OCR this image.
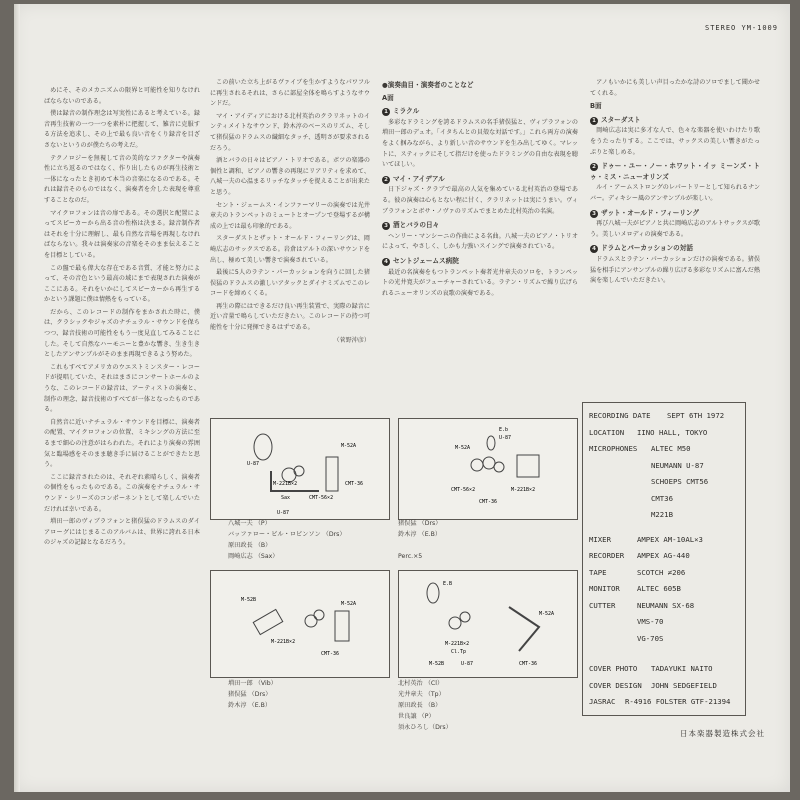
STEREO YM-1009

めにそ、そのメカニズムの限界と可能性を知りなければならないのである。

僕は録音の制作理念は写実性にあると考えている。録音再生技術の一つ一つを素朴に把握して、雑音に克服する方法を追求し、その上で最も良い音をくり録音を目ざさないというのが僕たちの考えだ。

テクノロジーを無視して音の美的なファクターや演奏性に立ち返るのではなく、作り出したものが再生技術と一体になったとき初めて本当の音楽になるのである。それは録音そのものではなく、演奏者を介した表現を尊重することなのだ。

マイクロフォンは音の扉である。その選択と配置によってスピーカーから出る音の性格は決まる。録音制作者はそれを十分に理解し、最も自然な音場を再現しなければならない。我々は演奏家の音楽をそのまま伝えることを目標としている。

この盤で最も偉大な存在である音質、才能と努力によって、その音色という最高の域にまで表現された演奏がここにある。それをいかにしてスピーカーから再生するかという課題に僕は情熱をもっている。

だから、このレコードの制作をまかされた時に、僕は、クラシックやジャズのナチュラル・サウンドを保ちつつ、録音技術の可能性をもう一度見直してみることにした。そして自然なハーモニーと豊かな響き、生き生きとしたアンサンブルがそのまま再現できるよう努めた。

これもすべてアメリカのウエストミンスター・レコードが提唱していた、それはまさにコンサートホールのような、このレコードの録音は、アーティストの演奏と、制作の理念、録音技術のすべてが一体となったものである。

自然音に近いナチュラル・サウンドを目標に、演奏者の配置、マイクロフォンの位置、ミキシングの方法に至るまで細心の注意がはらわれた。それにより演奏の雰囲気と臨場感をそのまま聴き手に届けることができたと思う。

ここに録音されたのは、それぞれ素晴らしく、演奏者の個性をもったものである。この演奏をナチュラル・サウンド・シリーズのコンポーネントとして楽しんでいただければ幸いである。

増田一郎のヴィブラフォンと猪俣猛のドラムスのダイアローグにはじまるこのアルバムは、世界に誇れる日本のジャズの記録となるだろう。

この前いた立ち上がるヴァイブを生かすようなパワフルに再生されるそれは、さらに部屋全体を鳴らすようなサウンドだ。

マイ・アイディアにおける北村英治のクラリネットのインティメイトなサウンド、鈴木淳のベースのリズム、そして猪俣猛のドラムスの繊細なタッチ、透明さが要求されるだろう。

酒とバラの日々はピアノ・トリオである。ボツの楽器の個性と調和、ピアノの響きの再現にリアリティを求めて、八城一夫の心温まるリッチなタッチを捉えることが出来たと思う。

セント・ジェームス・インファーマリーの演奏では光井章夫のトランペットのミュートとオープンで登場するが構成の上では最も印象的である。

スターダストとザット・オールド・フィーリングは、岡崎広志のサックスである。岩倉はアルトの深いサウンドを出し、極めて美しい響きで演奏されている。

最後に5人のラテン・パーカッションを向うに回した猪俣猛のドラムスの激しいアタックとダイナミズムでこのレコードを締めくくる。

再生の際にはできるだけ良い再生装置で、実際の録音に近い音量で鳴らしていただきたい。このレコードの持つ可能性を十分に発揮できるはずである。

（菅野沖彦）
●演奏曲目・演奏者のことなど
A面
1 ミラクル

多彩なドラミングを誇るドラムスの名手猪俣猛と、ヴィブラフォンの増田一郎のデュオ。「イタちんとの貝殻な対話です。」これら両方の演奏をよく掴みながら、より新しい音のサウンドを生み出してゆく。マレットに、スティックにそして指だけを使ったドラミングの自由な表現を聴いてほしい。

2 マイ・アイデアル

日下ジャズ・クラブで最高の人気を集めている北村英治の登場である。彼の演奏は心もとない程に甘く、クラリネットは実にうまい。ヴィブラフォンとボサ・ノヴァのリズムでまとめた北村英治の名演。

3 酒とバラの日々

ヘンリー・マンシーニの作曲による名曲。八城一夫のピアノ・トリオによって、やさしく、しかも力強いスイングで演奏されている。

4 セントジェームス病院

最近の名演奏をもつトランペット奏者光井章夫のソロを、トランペットの光井寛夫がフューチャーされている。ラテン・リズムで繰り広げられるニューオリンズの哀歌の演奏である。

アノもいかにも美しい声目ったかな詩のソロでまして聞かせてくれる。

B面
1 スターダスト

岡崎広志は実に多才な人で、色々な楽器を使いわけたり歌をうたったりする。ここでは、サックスの美しい響きがたっぷりと楽しめる。

2 ドゥー・ユー・ノー・ホワット・イッ ミーンズ・トゥ・ミス・ニューオリンズ

ルイ・アームストロングのレパートリーとして知られるナンバー。ディキシー風のアンサンブルが楽しい。

3 ザット・オールド・フィーリング

再び八城一夫がピアノと共に岡崎広志のアルトサックスが歌う。美しいメロディの演奏である。

4 ドラムとパーカッションの対話

ドラムスとラテン・パーカッションだけの演奏である。猪俣猛を相手にアンサンブルの繰り広げる多彩なリズムに富んだ熱演を楽しんでいただきたい。

U-87
M-52A
CMT-56×2
M-221B×2
Sax
U-87
CMT-36
M-52A
CMT-56×2
U-87
E.b
CMT-36
M-221B×2
M-52B
M-221B×2
M-52A
CMT-36
E.B
M-52A
M-221B×2
Cl.Tp
M-52B	U-87	CMT-36
八城一夫 （P）
バッファロー・ビル・ロビンソン （Drs）
原田政長 （B）
岡崎広志 （Sax）
猪俣猛 （Drs）
鈴木淳 （E.B）
Perc.×5
増田一郎 （Vib）
猪俣猛 （Drs）
鈴木淳 （E.B）
北村英治 （Cl）
光井章夫 （Tp）
原田政長 （B）
世良譲 （P）
須永ひろし（Drs）
RECORDING DATE SEPT 6TH 1972
LOCATION IINO HALL, TOKYO
MICROPHONES ALTEC M50
NEUMANN U-87
SCHOEPS CMT56
CMT36
M221B
MIXER	AMPEX AM-10AL×3
RECORDER AMPEX AG-440
TAPE	SCOTCH ≠206
MONITOR ALTEC 605B
CUTTER	NEUMANN SX-68
VMS-70
VG-70S
COVER PHOTO TADAYUKI NAITO
COVER DESIGN JOHN SEDGEFIELD
JASRAC R-4916 FOLSTER GTF-21394
日本楽器製造株式会社
